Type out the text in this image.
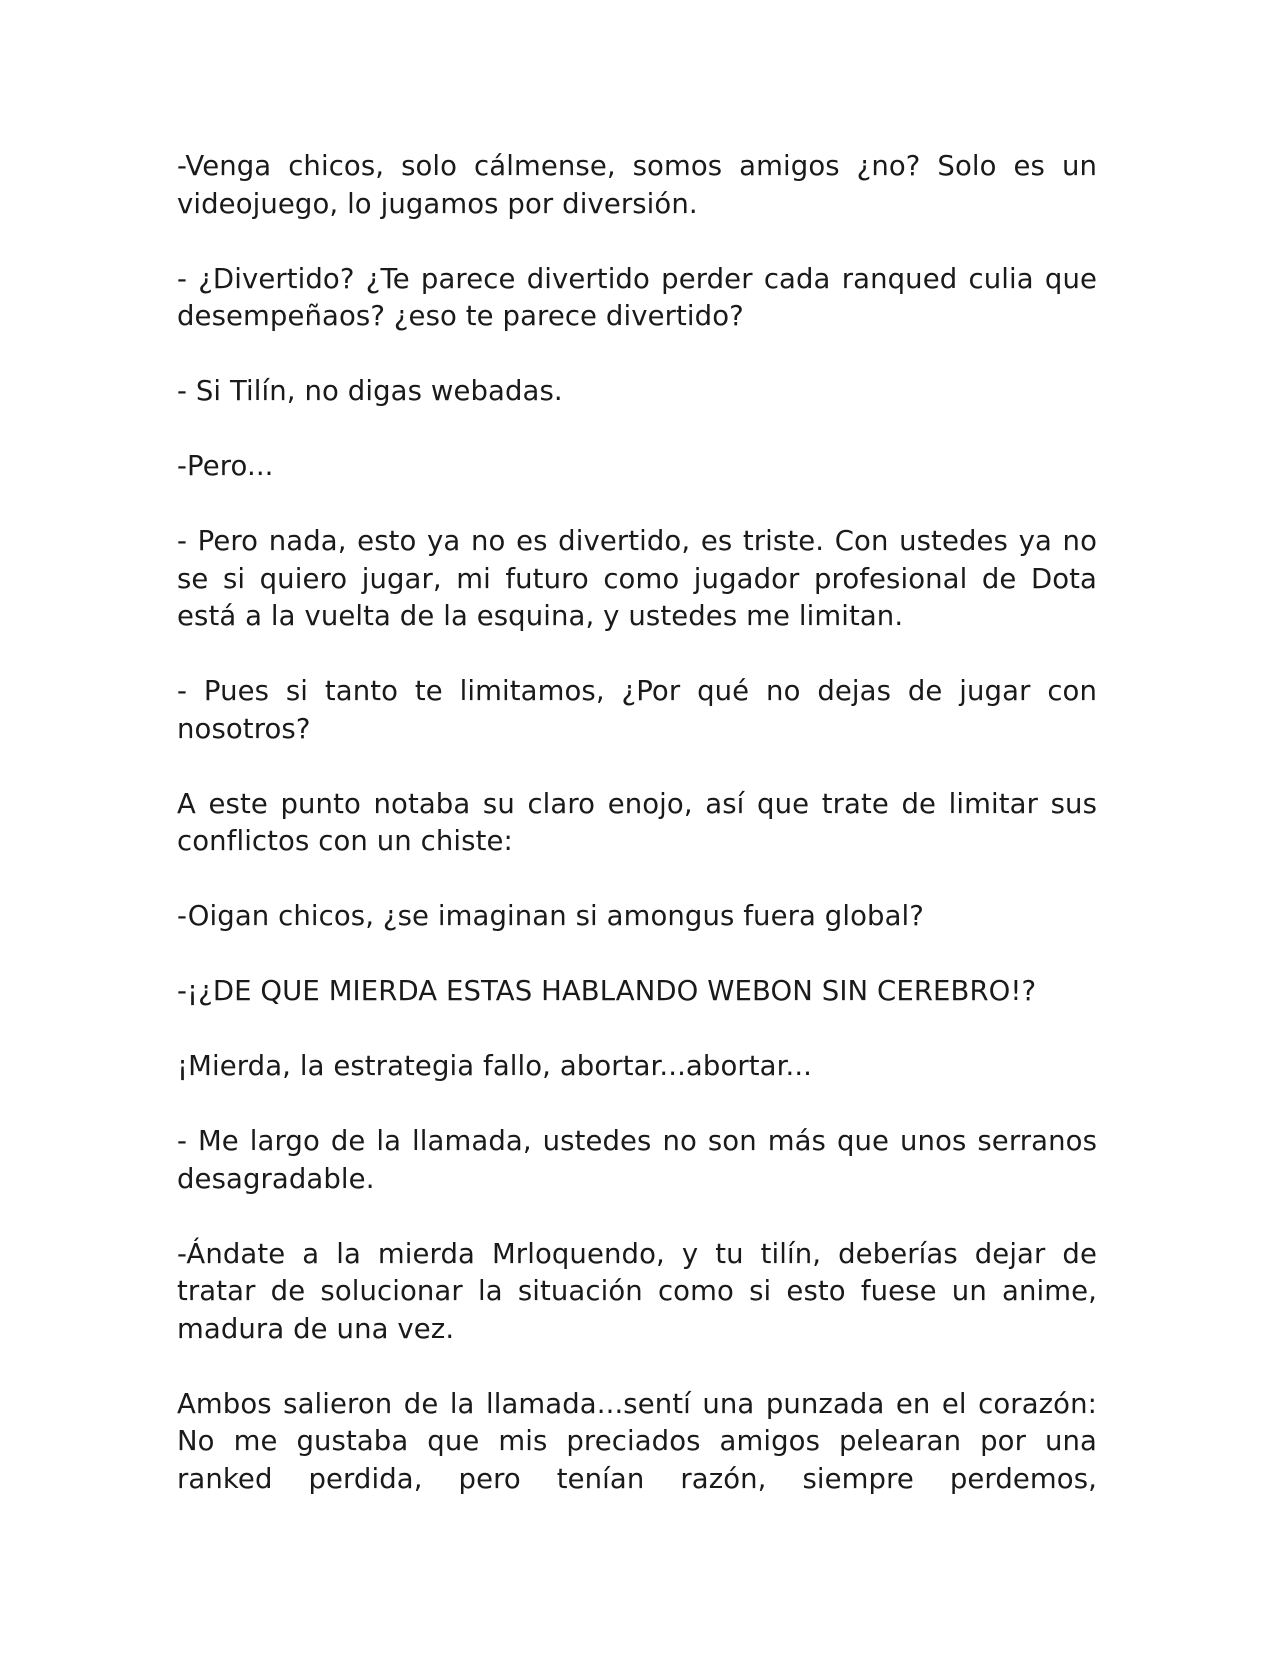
-Venga chicos, solo cálmense, somos amigos ¿no? Solo es un videojuego, lo jugamos por diversión.

- ¿Divertido? ¿Te parece divertido perder cada ranqued culia que desempeñaos? ¿eso te parece divertido?

- Si Tilín, no digas webadas.

-Pero...

- Pero nada, esto ya no es divertido, es triste. Con ustedes ya no se si quiero jugar, mi futuro como jugador profesional de Dota está a la vuelta de la esquina, y ustedes me limitan.

- Pues si tanto te limitamos, ¿Por qué no dejas de jugar con nosotros?

A este punto notaba su claro enojo, así que trate de limitar sus conflictos con un chiste:

-Oigan chicos, ¿se imaginan si amongus fuera global?

-¡¿DE QUE MIERDA ESTAS HABLANDO WEBON SIN CEREBRO!?

¡Mierda, la estrategia fallo, abortar...abortar...

- Me largo de la llamada, ustedes no son más que unos serranos desagradable.

-Ándate a la mierda Mrloquendo, y tu tilín, deberías dejar de tratar de solucionar la situación como si esto fuese un anime, madura de una vez.

Ambos salieron de la llamada...sentí una punzada en el corazón: No me gustaba que mis preciados amigos pelearan por una ranked perdida, pero tenían razón, siempre perdemos,
